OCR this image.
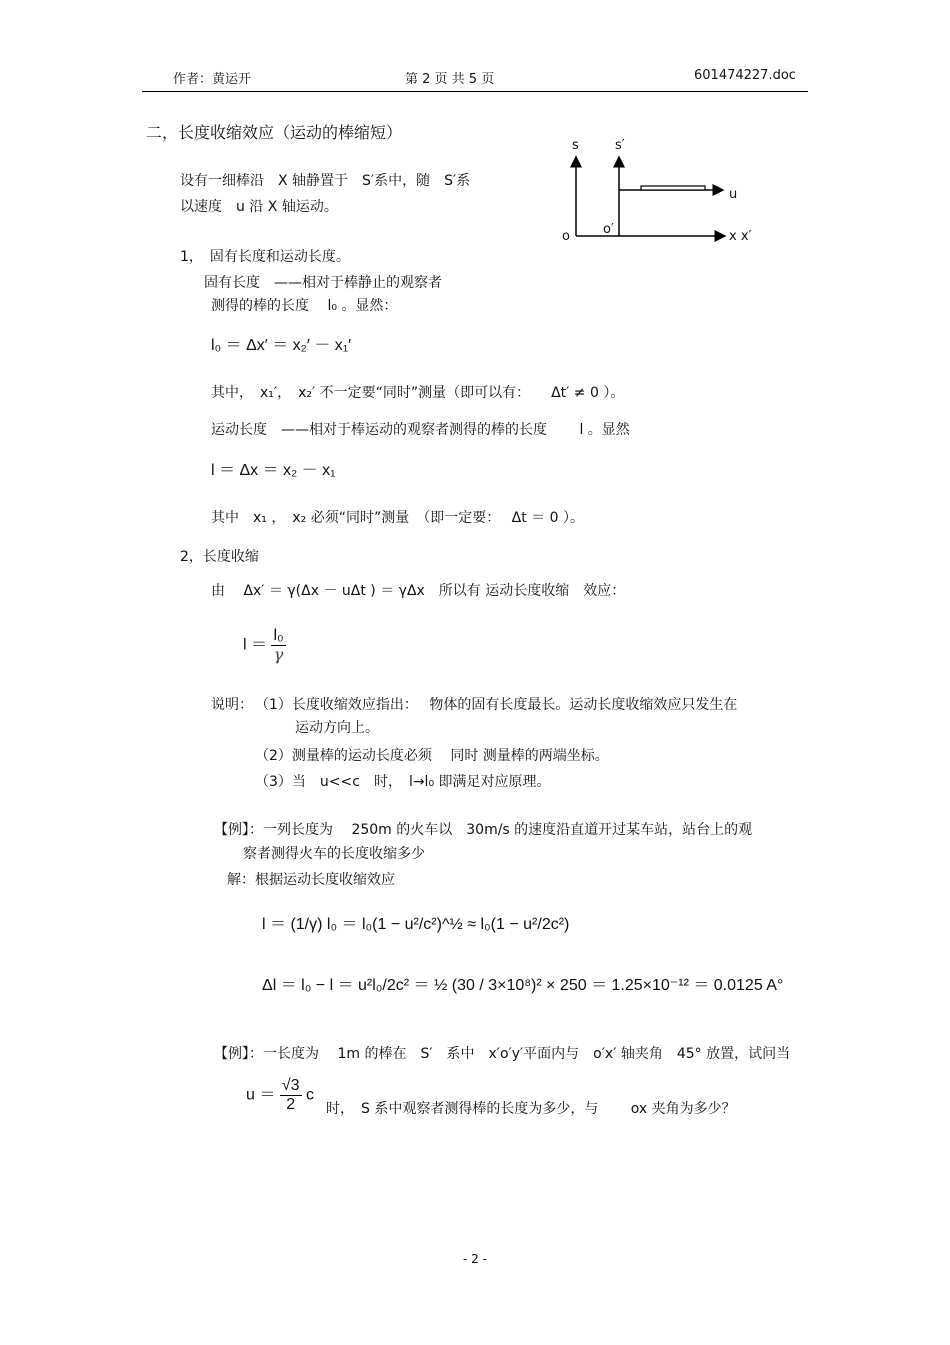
作者：黄运开	第 2 页 共 5 页	601474227.doc
二，长度收缩效应（运动的棒缩短）
设有一细棒沿　X 轴静置于　S′系中，随　S′系
以速度　u 沿 X 轴运动。
s	s′
u
o	o′	x x′
1，　固有长度和运动长度。
固有长度　——相对于棒静止的观察者
测得的棒的长度　 l₀ 。显然：
l₀ ＝ Δx′ ＝ x₂′ － x₁′
其中，　x₁′，　x₂′ 不一定要“同时”测量（即可以有：　　Δt′ ≠ 0 ）。
运动长度　——相对于棒运动的观察者测得的棒的长度　　 l 。显然
l ＝ Δx ＝ x₂ － x₁
其中　x₁ ，　x₂ 必须“同时”测量　（即一定要：　 Δt ＝ 0 ）。
2，长度收缩
由　 Δx′ ＝ γ(Δx － uΔt ) ＝ γΔx　所以有 运动长度收缩　效应：
$l = \frac{\text{l₀}}{\gamma}$
说明： （1）长度收缩效应指出：　 物体的固有长度最长。运动长度收缩效应只发生在
运动方向上。
（2）测量棒的运动长度必须　 同时 测量棒的两端坐标。
（3）当　u<<c　时，　l→l₀ 即满足对应原理。
【例】：一列长度为　 250m 的火车以　30m/s 的速度沿直道开过某车站，站台上的观
察者测得火车的长度收缩多少
解：根据运动长度收缩效应
l ＝ (1/γ) l₀ ＝ l₀(1 − u²/c²)^½ ≈ l₀(1 − u²/2c²)
Δl ＝ l₀ − l ＝ u²l₀/2c² ＝ ½ (30 / 3×10⁸)² × 250 ＝ 1.25×10⁻¹² ＝ 0.0125 A°
【例】：一长度为　 1m 的棒在　S′　系中　x′o′y′平面内与　o′x′ 轴夹角　45° 放置，试问当
$u = \frac{√3}{2}$ c
时，　S 系中观察者测得棒的长度为多少，与　　 ox 夹角为多少？
- 2 -
